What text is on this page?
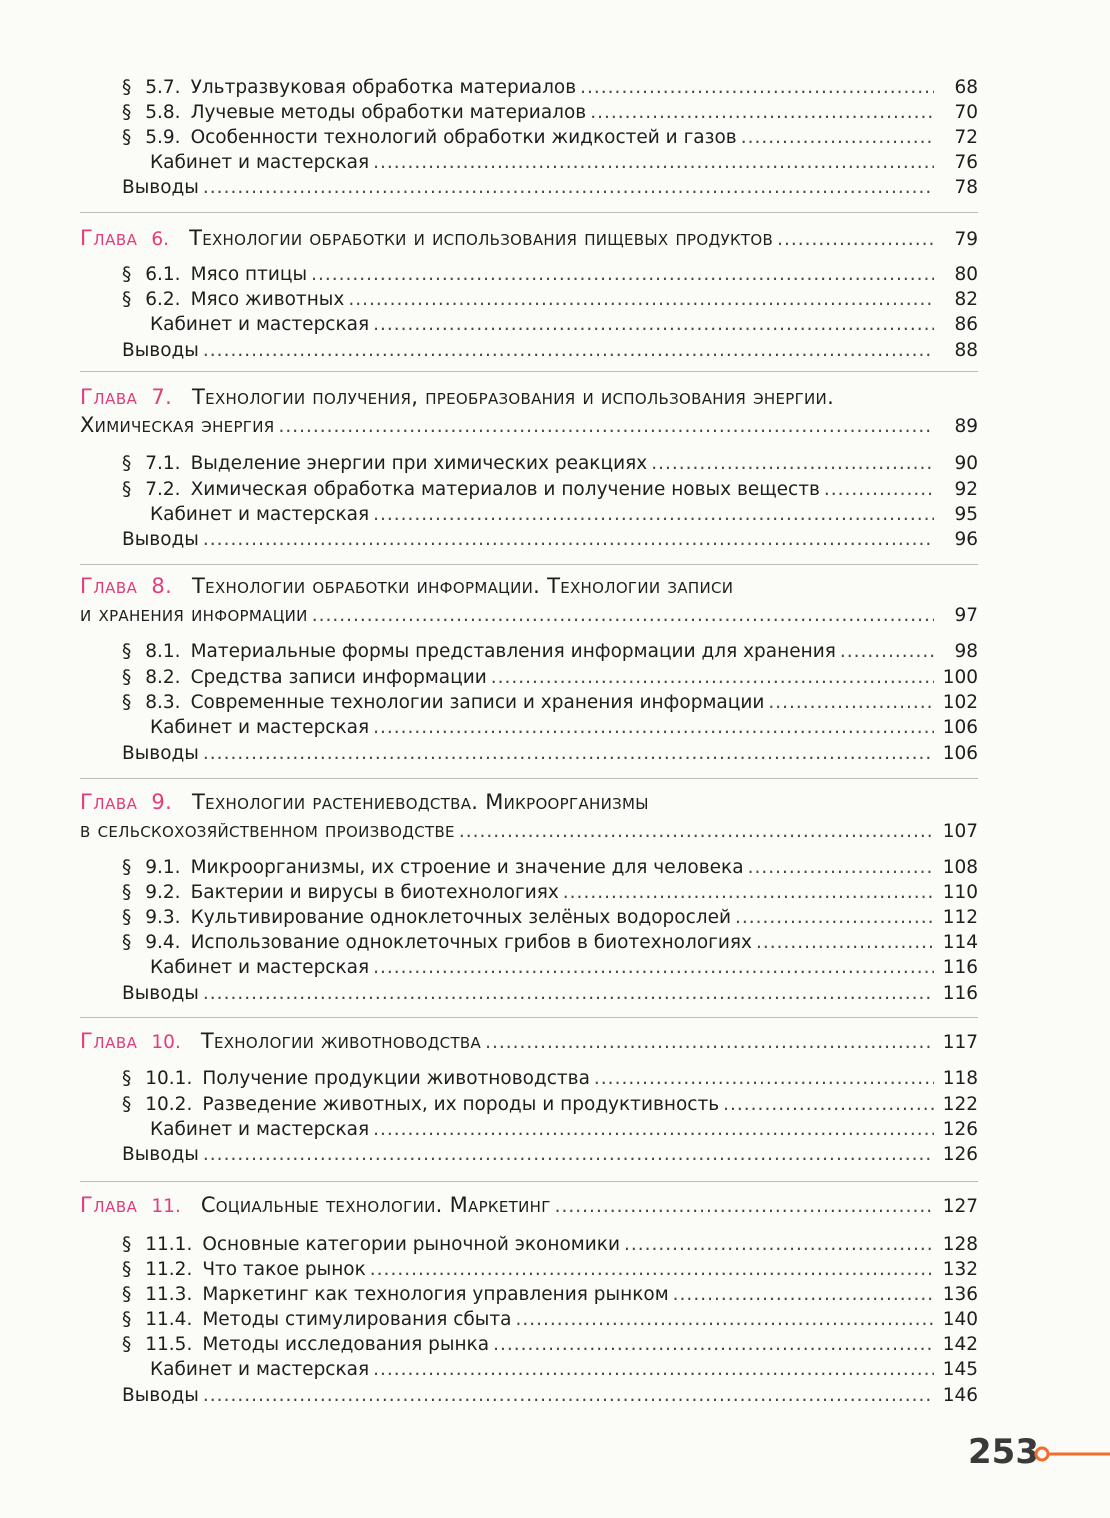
§ 5.7. Ультразвуковая обработка материалов .....	68
§ 5.8. Лучевые методы обработки материалов .....	70
§ 5.9. Особенности технологий обработки жидкостей и газов .....	72
Кабинет и мастерская .....	76
Выводы .....	78
Глава 6. Технологии обработки и использования пищевых продуктов .....	79
§ 6.1. Мясо птицы .....	80
§ 6.2. Мясо животных .....	82
Кабинет и мастерская .....	86
Выводы .....	88
Глава 7. Технологии получения, преобразования и использования энергии.
Химическая энергия .....	89
§ 7.1. Выделение энергии при химических реакциях .....	90
§ 7.2. Химическая обработка материалов и получение новых веществ .....	92
Кабинет и мастерская .....	95
Выводы .....	96
Глава 8. Технологии обработки информации. Технологии записи
и хранения информации .....	97
§ 8.1. Материальные формы представления информации для хранения .....	98
§ 8.2. Средства записи информации .....	100
§ 8.3. Современные технологии записи и хранения информации .....	102
Кабинет и мастерская .....	106
Выводы .....	106
Глава 9. Технологии растениеводства. Микроорганизмы
в сельскохозяйственном производстве .....	107
§ 9.1. Микроорганизмы, их строение и значение для человека .....	108
§ 9.2. Бактерии и вирусы в биотехнологиях .....	110
§ 9.3. Культивирование одноклеточных зелёных водорослей .....	112
§ 9.4. Использование одноклеточных грибов в биотехнологиях .....	114
Кабинет и мастерская .....	116
Выводы .....	116
Глава 10. Технологии животноводства .....	117
§ 10.1. Получение продукции животноводства .....	118
§ 10.2. Разведение животных, их породы и продуктивность .....	122
Кабинет и мастерская .....	126
Выводы .....	126
Глава 11. Социальные технологии. Маркетинг .....	127
§ 11.1. Основные категории рыночной экономики .....	128
§ 11.2. Что такое рынок .....	132
§ 11.3. Маркетинг как технология управления рынком .....	136
§ 11.4. Методы стимулирования сбыта .....	140
§ 11.5. Методы исследования рынка .....	142
Кабинет и мастерская .....	145
Выводы .....	146
253
